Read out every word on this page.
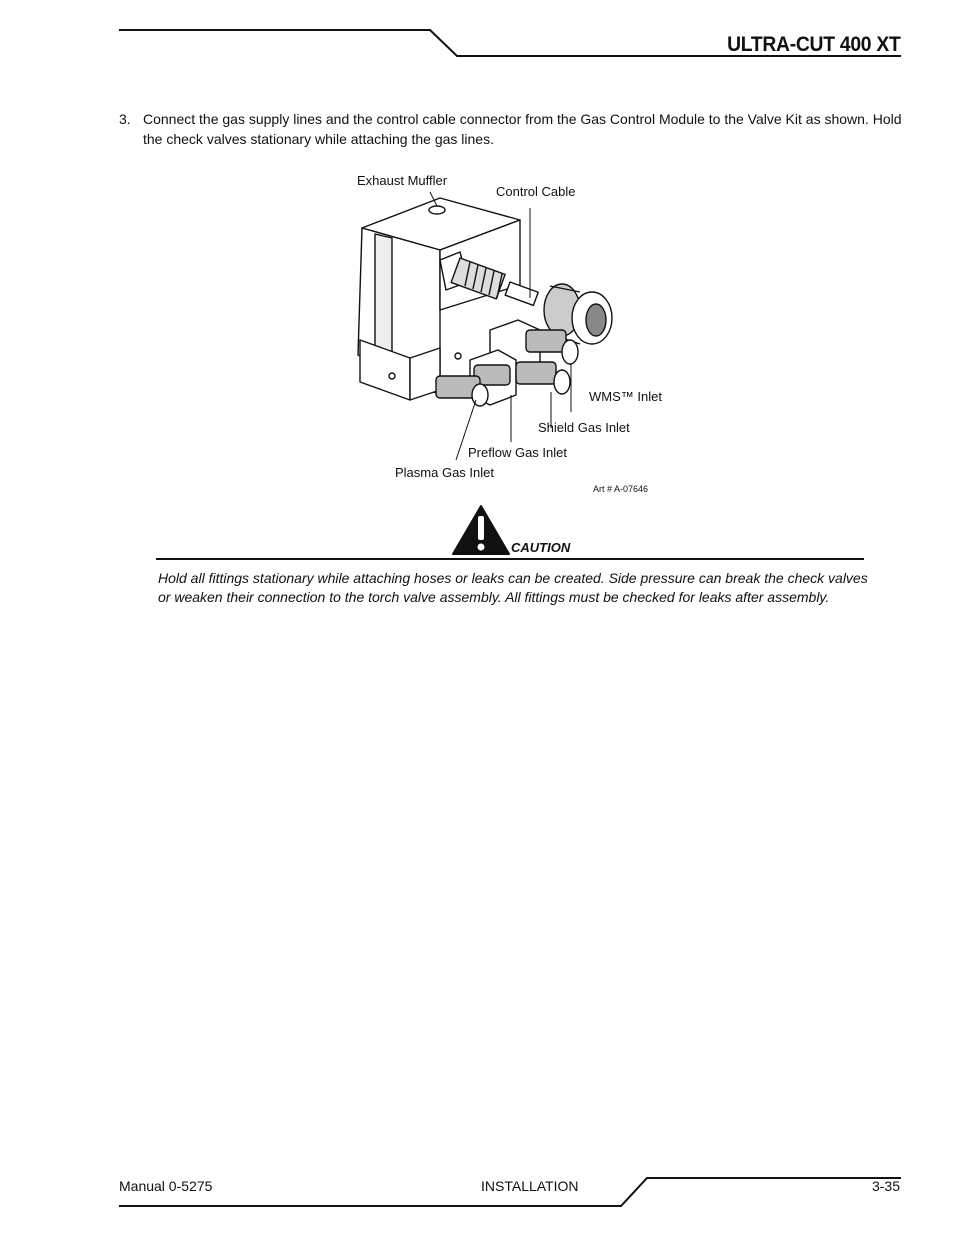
ULTRA-CUT 400 XT
3. Connect the gas supply lines and the control cable connector from the Gas Control Module to the Valve Kit as shown. Hold the check valves stationary while attaching the gas lines.
Exhaust Muffler
Control Cable
WMS™ Inlet
Shield Gas Inlet
Preflow Gas Inlet
Plasma Gas Inlet
Art # A-07646
CAUTION
Hold all fittings stationary while attaching hoses or leaks can be created. Side pressure can break the check valves or weaken their connection to the torch valve assembly. All fittings must be checked for leaks after assembly.
Manual 0-5275	INSTALLATION	3-35
